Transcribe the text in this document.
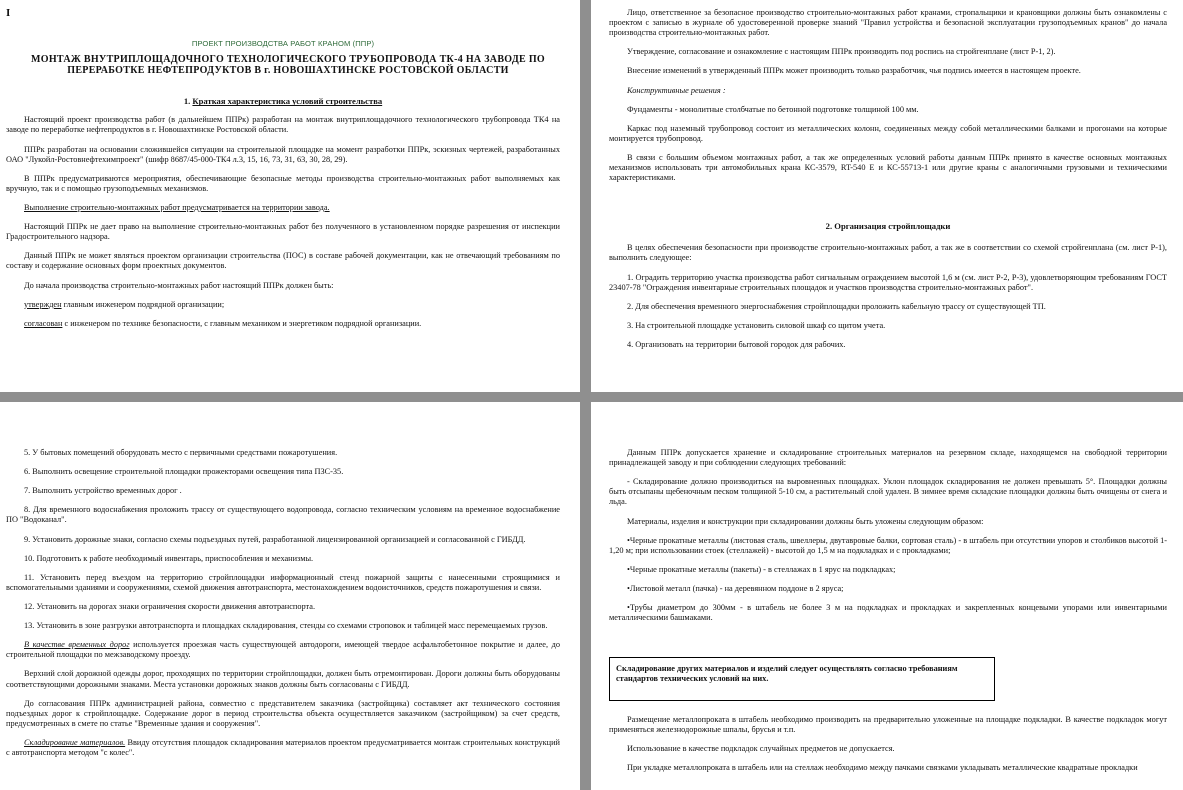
I
ПРОЕКТ ПРОИЗВОДСТВА РАБОТ КРАНОМ (ППР)
МОНТАЖ ВНУТРИПЛОЩАДОЧНОГО ТЕХНОЛОГИЧЕСКОГО ТРУБОПРОВОДА ТК-4 НА ЗАВОДЕ ПО ПЕРЕРАБОТКЕ НЕФТЕПРОДУКТОВ В г. НОВОШАХТИНСКЕ РОСТОВСКОЙ ОБЛАСТИ
1. Краткая характеристика условий строительства

Настоящий проект производства работ (в дальнейшем ППРк) разработан на монтаж внутриплощадочного технологического трубопровода ТК4 на заводе по переработке нефтепродуктов в г. Новошахтинске Ростовской области.

ППРк разработан на основании сложившейся ситуации на строительной площадке на момент разработки ППРк, эскизных чертежей, разработанных ОАО "Лукойл-Ростовнефтехимпроект" (шифр 8687/45-000-ТК4 л.3, 15, 16, 73, 31, 63, 30, 28, 29).

В ППРк предусматриваются мероприятия, обеспечивающие безопасные методы производства строительно-монтажных работ выполняемых как вручную, так и с помощью грузоподъемных механизмов.

Выполнение строительно-монтажных работ предусматривается на территории завода.

Настоящий ППРк не дает право на выполнение строительно-монтажных работ без полученного в установленном порядке разрешения от инспекции Градостроительного надзора.

Данный ППРк не может являться проектом организации строительства (ПОС) в составе рабочей документации, как не отвечающий требованиям по составу и содержание основных форм проектных документов.

До начала производства строительно-монтажных работ настоящий ППРк должен быть:

утвержден главным инженером подрядной организации;

согласован с инженером по технике безопасности, с главным механиком и энергетиком подрядной организации.

Лицо, ответственное за безопасное производство строительно-монтажных работ кранами, стропальщики и крановщики должны быть ознакомлены с проектом с записью в журнале об удостоверенной проверке знаний "Правил устройства и безопасной эксплуатации грузоподъемных кранов" до начала производства строительно-монтажных работ.

Утверждение, согласование и ознакомление с настоящим ППРк производить под роспись на стройгенплане (лист Р-1, 2).

Внесение изменений в утвержденный ППРк может производить только разработчик, чья подпись имеется в настоящем проекте.

Конструктивные решения :

Фундаменты - монолитные столбчатые по бетонной подготовке толщиной 100 мм.

Каркас под наземный трубопровод состоит из металлических колонн, соединенных между собой металлическими балками и прогонами на которые монтируется трубопровод.

В связи с большим объемом монтажных работ, а так же определенных условий работы данным ППРк принято в качестве основных монтажных механизмов использовать три автомобильных крана КС-3579, RT-540 Е и КС-55713-1 или другие краны с аналогичными грузовыми и техническими характеристиками.

2. Организация стройплощадки

В целях обеспечения безопасности при производстве строительно-монтажных работ, а так же в соответствии со схемой стройгенплана (см. лист Р-1), выполнить следующее:

1. Оградить территорию участка производства работ сигнальным ограждением высотой 1,6 м (см. лист Р-2, Р-3), удовлетворяющим требованиям ГОСТ 23407-78 "Ограждения инвентарные строительных площадок и участков производства строительно-монтажных работ".

2. Для обеспечения временного энергоснабжения стройплощадки проложить кабельную трассу от существующей ТП.

3. На строительной площадке установить силовой шкаф со щитом учета.

4. Организовать на территории бытовой городок для рабочих.

5. У бытовых помещений оборудовать место с первичными средствами пожаротушения.

6. Выполнить освещение строительной площадки прожекторами освещения типа ПЗС-35.

7. Выполнить устройство временных дорог .

8. Для временного водоснабжения проложить трассу от существующего водопровода, согласно техническим условиям на временное водоснабжение ПО "Водоканал".

9. Установить дорожные знаки, согласно схемы подъездных путей, разработанной лицензированной организацией и согласованной с ГИБДД.

10. Подготовить к работе необходимый инвентарь, приспособления и механизмы.

11. Установить перед въездом на территорию стройплощадки информационный стенд пожарной защиты с нанесенными строящимися и вспомогательными зданиями и сооружениями, схемой движения автотранспорта, местонахождением водоисточников, средств пожаротушения и связи.

12. Установить на дорогах знаки ограничения скорости движения автотранспорта.

13. Установить в зоне разгрузки автотранспорта и площадках складирования, стенды со схемами строповок и таблицей масс перемещаемых грузов.

В качестве временных дорог используется проезжая часть существующей автодороги, имеющей твердое асфальтобетонное покрытие и далее, до строительной площадки по межзаводскому проезду.

Верхний слой дорожной одежды дорог, проходящих по территории стройплощадки, должен быть отремонтирован. Дороги должны быть оборудованы соответствующими дорожными знаками. Места установки дорожных знаков должны быть согласованы с ГИБДД.

До согласования ППРк администрацией района, совместно с представителем заказчика (застройщика) составляет акт технического состояния подъездных дорог к стройплощадке. Содержание дорог в период строительства объекта осуществляется заказчиком (застройщиком) за счет средств, предусмотренных в смете по статье "Временные здания и сооружения".

Складирование материалов. Ввиду отсутствия площадок складирования материалов проектом предусматривается монтаж строительных конструкций с автотранспорта методом "с колес".

Данным ППРк допускается хранение и складирование строительных материалов на резервном складе, находящемся на свободной территории принадлежащей заводу и при соблюдении следующих требований:

- Складирование должно производиться на выровненных площадках. Уклон площадок складирования не должен превышать 5°. Площадки должны быть отсыпаны щебеночным песком толщиной 5-10 см, а растительный слой удален. В зимнее время складские площадки должны быть очищены от снега и льда.

Материалы, изделия и конструкции при складировании должны быть уложены следующим образом:

•Черные прокатные металлы (листовая сталь, швеллеры, двутавровые балки, сортовая сталь) - в штабель при отсутствии упоров и столбиков высотой 1-1,20 м; при использовании стоек (стеллажей) - высотой до 1,5 м на подкладках и с прокладками;

•Черные прокатные металлы (пакеты) - в стеллажах в 1 ярус на подкладках;

•Листовой металл (пачка) - на деревянном поддоне в 2 яруса;

•Трубы диаметром до 300мм - в штабель не более 3 м на подкладках и прокладках и закрепленных концевыми упорами или инвентарными металлическими башмаками.

Складирование других материалов и изделий следует осуществлять согласно требованиям стандартов технических условий на них.

Размещение металлопроката в штабель необходимо производить на предварительно уложенные на площадке подкладки. В качестве подкладок могут применяться железнодорожные шпалы, брусья и т.п.

Использование в качестве подкладок случайных предметов не допускается.

При укладке металлопроката в штабель или на стеллаж необходимо между пачками связками укладывать металлические квадратные прокладки
